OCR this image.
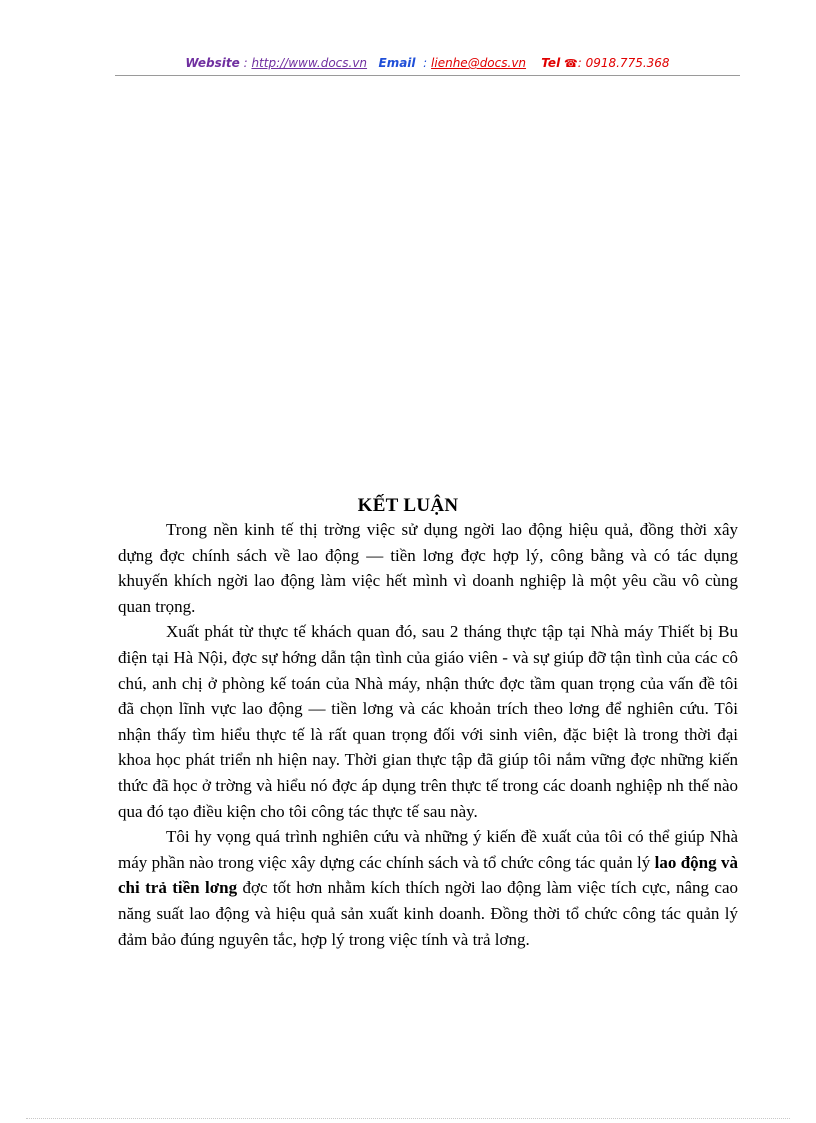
Website : http://www.docs.vn Email : lienhe@docs.vn Tel ☎: 0918.775.368
KẾT LUẬN

Trong nền kinh tế thị trờng việc sử dụng ngời lao động hiệu quả, đồng thời xây dựng đợc chính sách về lao động — tiền lơng đợc hợp lý, công bằng và có tác dụng khuyến khích ngời lao động làm việc hết mình vì doanh nghiệp là một yêu cầu vô cùng quan trọng.

Xuất phát từ thực tế khách quan đó, sau 2 tháng thực tập tại Nhà máy Thiết bị Bu điện tại Hà Nội, đợc sự hớng dẫn tận tình của giáo viên - và sự giúp đỡ tận tình của các cô chú, anh chị ở phòng kế toán của Nhà máy, nhận thức đợc tầm quan trọng của vấn đề tôi đã chọn lĩnh vực lao động — tiền lơng và các khoản trích theo lơng để nghiên cứu. Tôi nhận thấy tìm hiểu thực tế là rất quan trọng đối với sinh viên, đặc biệt là trong thời đại khoa học phát triển nh hiện nay. Thời gian thực tập đã giúp tôi nắm vững đợc những kiến thức đã học ở trờng và hiểu nó đợc áp dụng trên thực tế trong các doanh nghiệp nh thế nào qua đó tạo điều kiện cho tôi công tác thực tế sau này.

Tôi hy vọng quá trình nghiên cứu và những ý kiến đề xuất của tôi có thể giúp Nhà máy phần nào trong việc xây dựng các chính sách và tổ chức công tác quản lý lao động và chi trả tiền lơng đợc tốt hơn nhằm kích thích ngời lao động làm việc tích cực, nâng cao năng suất lao động và hiệu quả sản xuất kinh doanh. Đồng thời tổ chức công tác quản lý đảm bảo đúng nguyên tắc, hợp lý trong việc tính và trả lơng.
